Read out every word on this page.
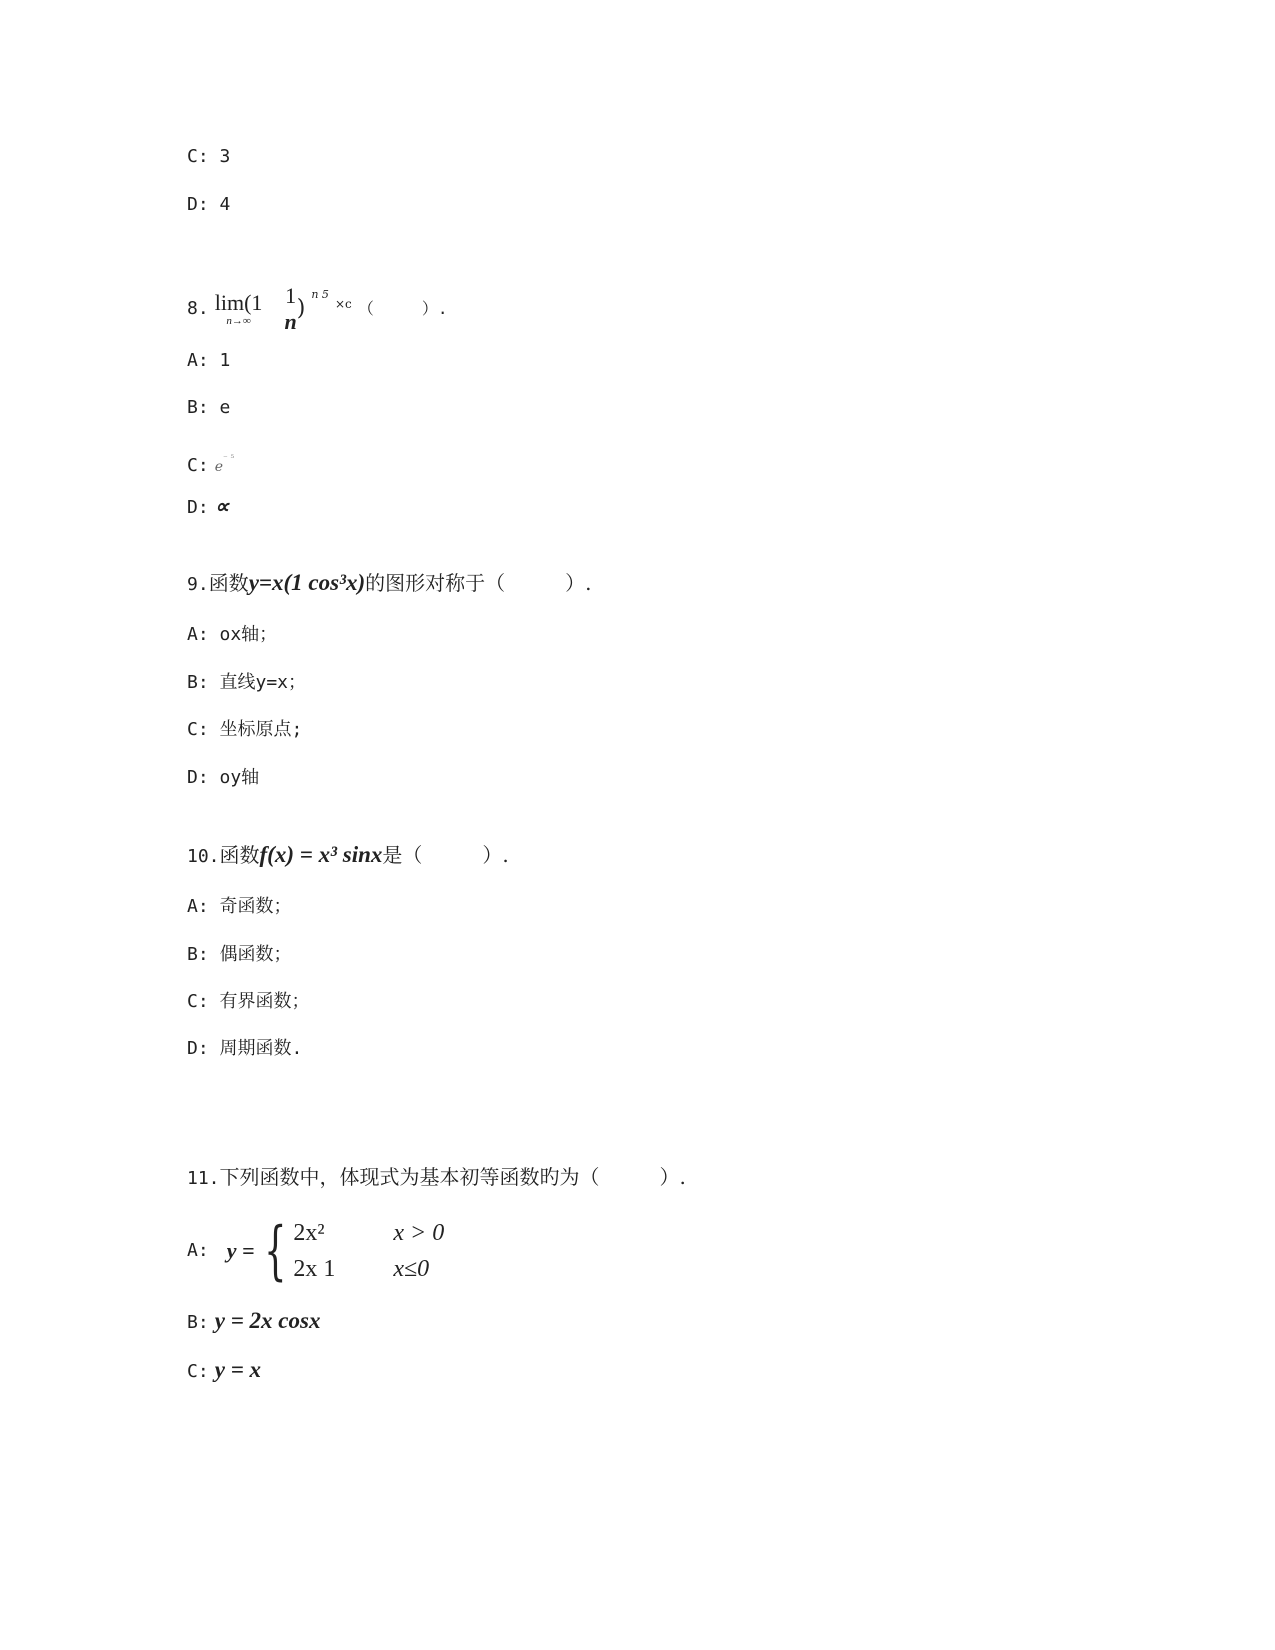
C: 3
D: 4
8. lim(1
n→∞

1
n
) $^{n 5}$ $^{\times c}$ （　　　）.
A: 1
B: e
C: $e^{^- ^5}$
D: ∝
9.函数y=x(1 cos³x)的图形对称于（　　　）.
A: ox轴；
B: 直线y=x；
C: 坐标原点;
D: oy轴
10.函数f(x) = x³ sinx是（　　　）.
A: 奇函数；
B: 偶函数；
C: 有界函数；
D: 周期函数.
11.下列函数中，体现式为基本初等函数旳为（　　　）.
A: y = { 2x²	x > 0
2x 1	x≤0
B: y = 2x cosx
C: y = x
